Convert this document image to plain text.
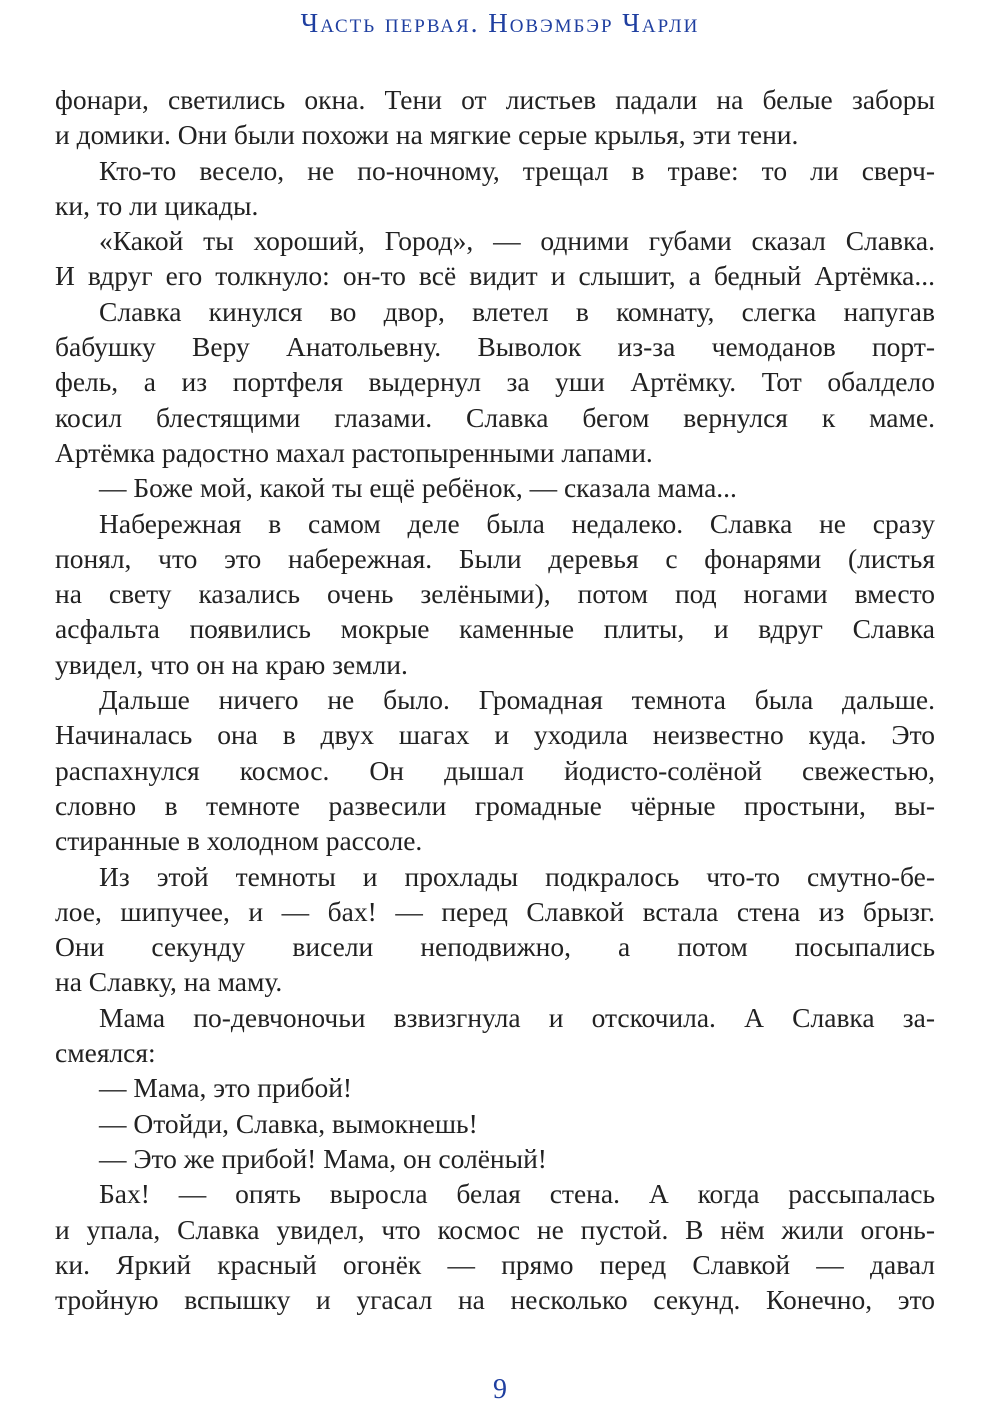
Часть первая. Новэмбэр Чарли
фонари, светились окна. Тени от листьев падали на белые заборы
и домики. Они были похожи на мягкие серые крылья, эти тени.
Кто-то весело, не по-ночному, трещал в траве: то ли сверч-
ки, то ли цикады.
«Какой ты хороший, Город», — одними губами сказал Славка.
И вдруг его толкнуло: он-то всё видит и слышит, а бедный Артёмка...
Славка кинулся во двор, влетел в комнату, слегка напугав
бабушку Веру Анатольевну. Выволок из-за чемоданов порт-
фель, а из портфеля выдернул за уши Артёмку. Тот обалдело
косил блестящими глазами. Славка бегом вернулся к маме.
Артёмка радостно махал растопыренными лапами.
— Боже мой, какой ты ещё ребёнок, — сказала мама...
Набережная в самом деле была недалеко. Славка не сразу
понял, что это набережная. Были деревья с фонарями (листья
на свету казались очень зелёными), потом под ногами вместо
асфальта появились мокрые каменные плиты, и вдруг Славка
увидел, что он на краю земли.
Дальше ничего не было. Громадная темнота была дальше.
Начиналась она в двух шагах и уходила неизвестно куда. Это
распахнулся космос. Он дышал йодисто-солёной свежестью,
словно в темноте развесили громадные чёрные простыни, вы-
стиранные в холодном рассоле.
Из этой темноты и прохлады подкралось что-то смутно-бе-
лое, шипучее, и — бах! — перед Славкой встала стена из брызг.
Они секунду висели неподвижно, а потом посыпались
на Славку, на маму.
Мама по-девчоночьи взвизгнула и отскочила. А Славка за-
смеялся:
— Мама, это прибой!
— Отойди, Славка, вымокнешь!
— Это же прибой! Мама, он солёный!
Бах! — опять выросла белая стена. А когда рассыпалась
и упала, Славка увидел, что космос не пустой. В нём жили огонь-
ки. Яркий красный огонёк — прямо перед Славкой — давал
тройную вспышку и угасал на несколько секунд. Конечно, это
9
